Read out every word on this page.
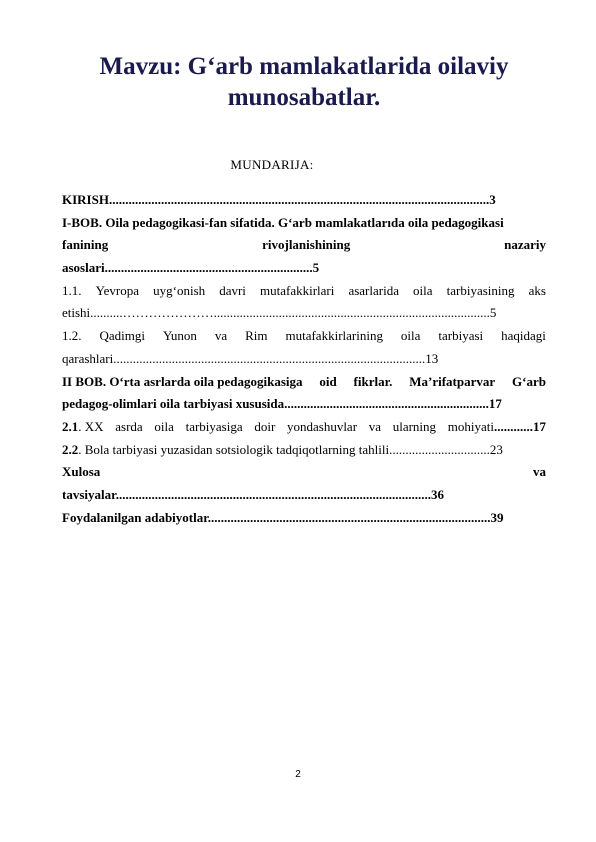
Mavzu: G‘arb mamlakatlarida oilaviy
munosabatlar.
MUNDARIJA:
KIRISH.....................................................................................................................3
I-BOB. Oila pedagogikasi-fan sifatida. G‘arb mamlakatlarıda oila pedagogikasi
fanining	rivojlanishining	nazariy
asoslari................................................................5
1.1. Yevropa uyg‘onish davri mutafakkirlari asarlarida oila tarbiyasining aks
etishi..........………………….....................................................................................5
1.2. Qadimgi Yunon va Rim mutafakkirlarining oila tarbiyasi haqidagi
qarashlari................................................................................................13
II BOB. O‘rta asrlarda oila pedagogikasiga oid fikrlar. Ma’rifatparvar G‘arb
pedagog-olimlari oila tarbiyasi xususida...............................................................17
2.1. XX asrda oila tarbiyasiga doir yondashuvlar va ularning mohiyati............17
2.2. Bola tarbiyasi yuzasidan sotsiologik tadqiqotlarning tahlili...............................23
Xulosa	va
tavsiyalar.................................................................................................36
Foydalanilgan adabiyotlar.......................................................................................39
2
